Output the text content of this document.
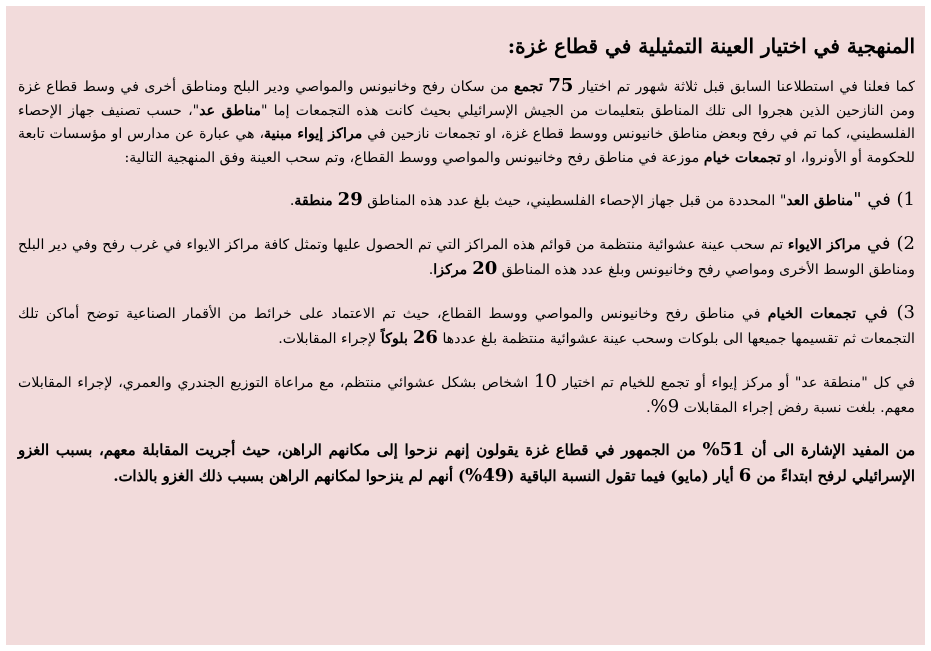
المنهجية في اختيار العينة التمثيلية في قطاع غزة:

كما فعلنا في استطلاعنا السابق قبل ثلاثة شهور تم اختيار 75 تجمع من سكان رفح وخانيونس والمواصي ودير البلح ومناطق أخرى في وسط قطاع غزة ومن النازحين الذين هجروا الى تلك المناطق بتعليمات من الجيش الإسرائيلي بحيث كانت هذه التجمعات إما "مناطق عد"، حسب تصنيف جهاز الإحصاء الفلسطيني، كما تم في رفح وبعض مناطق خانيونس ووسط قطاع غزة، او تجمعات نازحين في مراكز إيواء مبنية، هي عبارة عن مدارس او مؤسسات تابعة للحكومة أو الأونروا، او تجمعات خيام موزعة في مناطق رفح وخانيونس والمواصي ووسط القطاع، وتم سحب العينة وفق المنهجية التالية:

1) في "مناطق العد" المحددة من قبل جهاز الإحصاء الفلسطيني، حيث بلغ عدد هذه المناطق 29 منطقة.

2) في مراكز الايواء تم سحب عينة عشوائية منتظمة من قوائم هذه المراكز التي تم الحصول عليها وتمثل كافة مراكز الايواء في غرب رفح وفي دير البلح ومناطق الوسط الأخرى ومواصي رفح وخانيونس وبلغ عدد هذه المناطق 20 مركزا.

3) في تجمعات الخيام في مناطق رفح وخانيونس والمواصي ووسط القطاع، حيث تم الاعتماد على خرائط من الأقمار الصناعية توضح أماكن تلك التجمعات ثم تقسيمها جميعها الى بلوكات وسحب عينة عشوائية منتظمة بلغ عددها 26 بلوكاً لإجراء المقابلات.

في كل "منطقة عد" أو مركز إيواء أو تجمع للخيام تم اختيار 10 اشخاص بشكل عشوائي منتظم، مع مراعاة التوزيع الجندري والعمري، لإجراء المقابلات معهم. بلغت نسبة رفض إجراء المقابلات 9%.

من المفيد الإشارة الى أن 51% من الجمهور في قطاع غزة يقولون إنهم نزحوا إلى مكانهم الراهن، حيث أجريت المقابلة معهم، بسبب الغزو الإسرائيلي لرفح ابتداءً من 6 أيار (مايو) فيما تقول النسبة الباقية (49%) أنهم لم ينزحوا لمكانهم الراهن بسبب ذلك الغزو بالذات.
